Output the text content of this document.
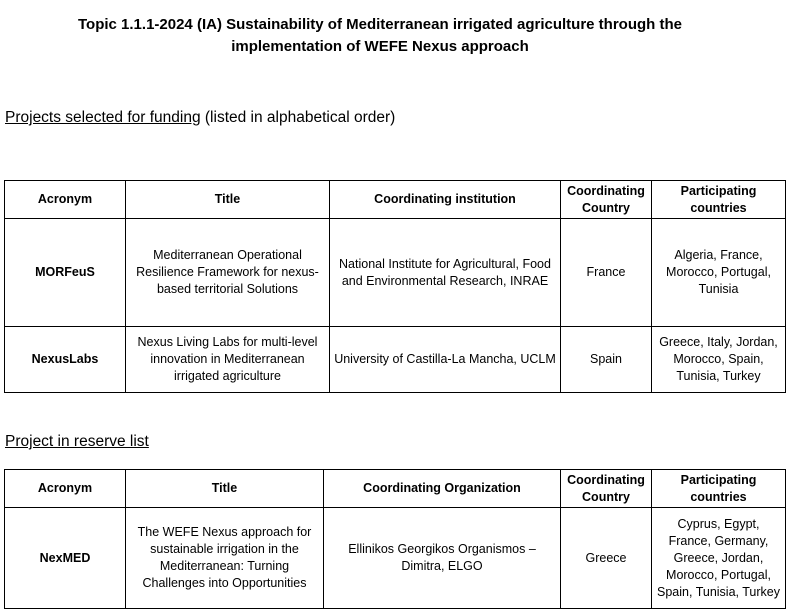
Topic 1.1.1-2024 (IA) Sustainability of Mediterranean irrigated agriculture through the implementation of WEFE Nexus approach
Projects selected for funding (listed in alphabetical order)
Acronym	Title	Coordinating institution	Coordinating Country	Participating countries
MORFeuS	Mediterranean Operational Resilience Framework for nexus-based territorial Solutions	National Institute for Agricultural, Food and Environmental Research, INRAE	France	Algeria, France, Morocco, Portugal, Tunisia
NexusLabs	Nexus Living Labs for multi-level innovation in Mediterranean irrigated agriculture	University of Castilla-La Mancha, UCLM	Spain	Greece, Italy, Jordan, Morocco, Spain, Tunisia, Turkey
Project in reserve list
Acronym	Title	Coordinating Organization	Coordinating Country	Participating countries
NexMED	The WEFE Nexus approach for sustainable irrigation in the Mediterranean: Turning Challenges into Opportunities	Ellinikos Georgikos Organismos – Dimitra, ELGO	Greece	Cyprus, Egypt, France, Germany, Greece, Jordan, Morocco, Portugal, Spain, Tunisia, Turkey
